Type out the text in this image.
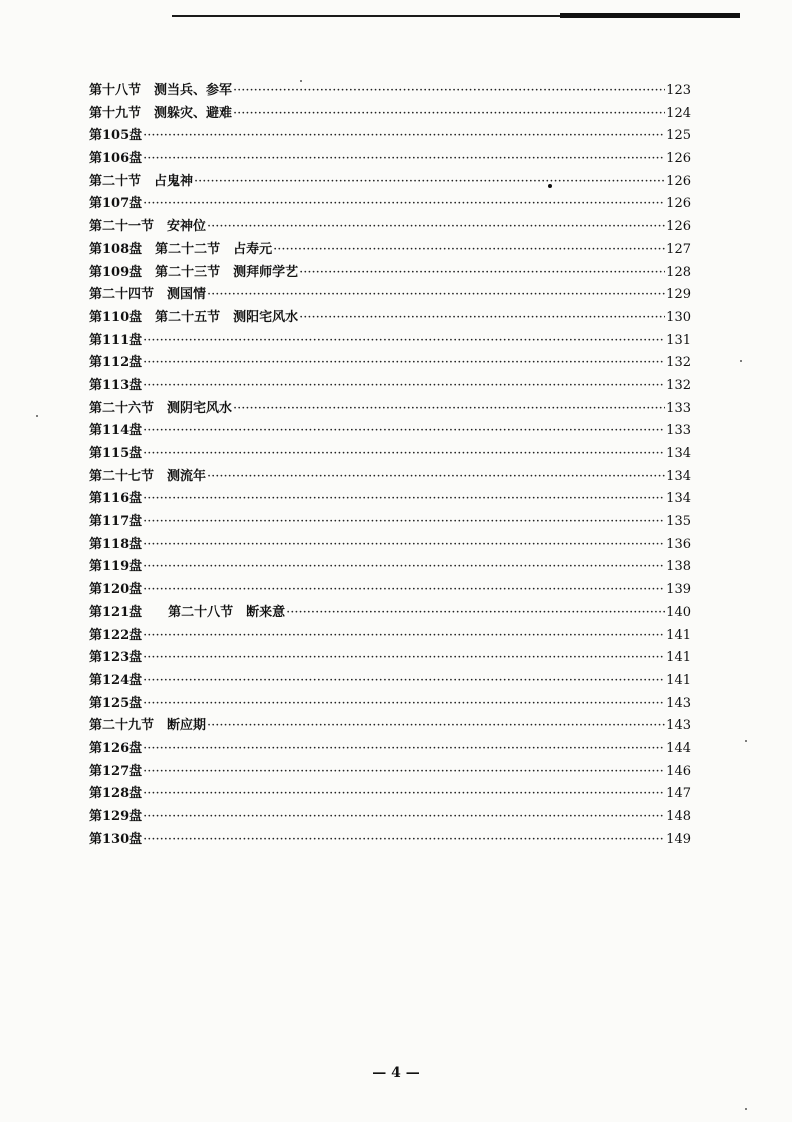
第十八节　测当兵、参军 ·····	123
第十九节　测躲灾、避难 ·····	124
第105盘 ·····	125
第106盘 ·····	126
第二十节　占鬼神 ·····	126
第107盘 ·····	126
第二十一节　安神位 ·····	126
第108盘　第二十二节　占寿元 ·····	127
第109盘　第二十三节　测拜师学艺 ·····	128
第二十四节　测国情 ·····	129
第110盘　第二十五节　测阳宅风水 ·····	130
第111盘 ·····	131
第112盘 ·····	132
第113盘 ·····	132
第二十六节　测阴宅风水 ·····	133
第114盘 ·····	133
第115盘 ·····	134
第二十七节　测流年 ·····	134
第116盘 ·····	134
第117盘 ·····	135
第118盘 ·····	136
第119盘 ·····	138
第120盘 ·····	139
第121盘　　第二十八节　断来意 ·····	140
第122盘 ·····	141
第123盘 ·····	141
第124盘 ·····	141
第125盘 ·····	143
第二十九节　断应期 ·····	143
第126盘 ·····	144
第127盘 ·····	146
第128盘 ·····	147
第129盘 ·····	148
第130盘 ·····	149
— 4 —
